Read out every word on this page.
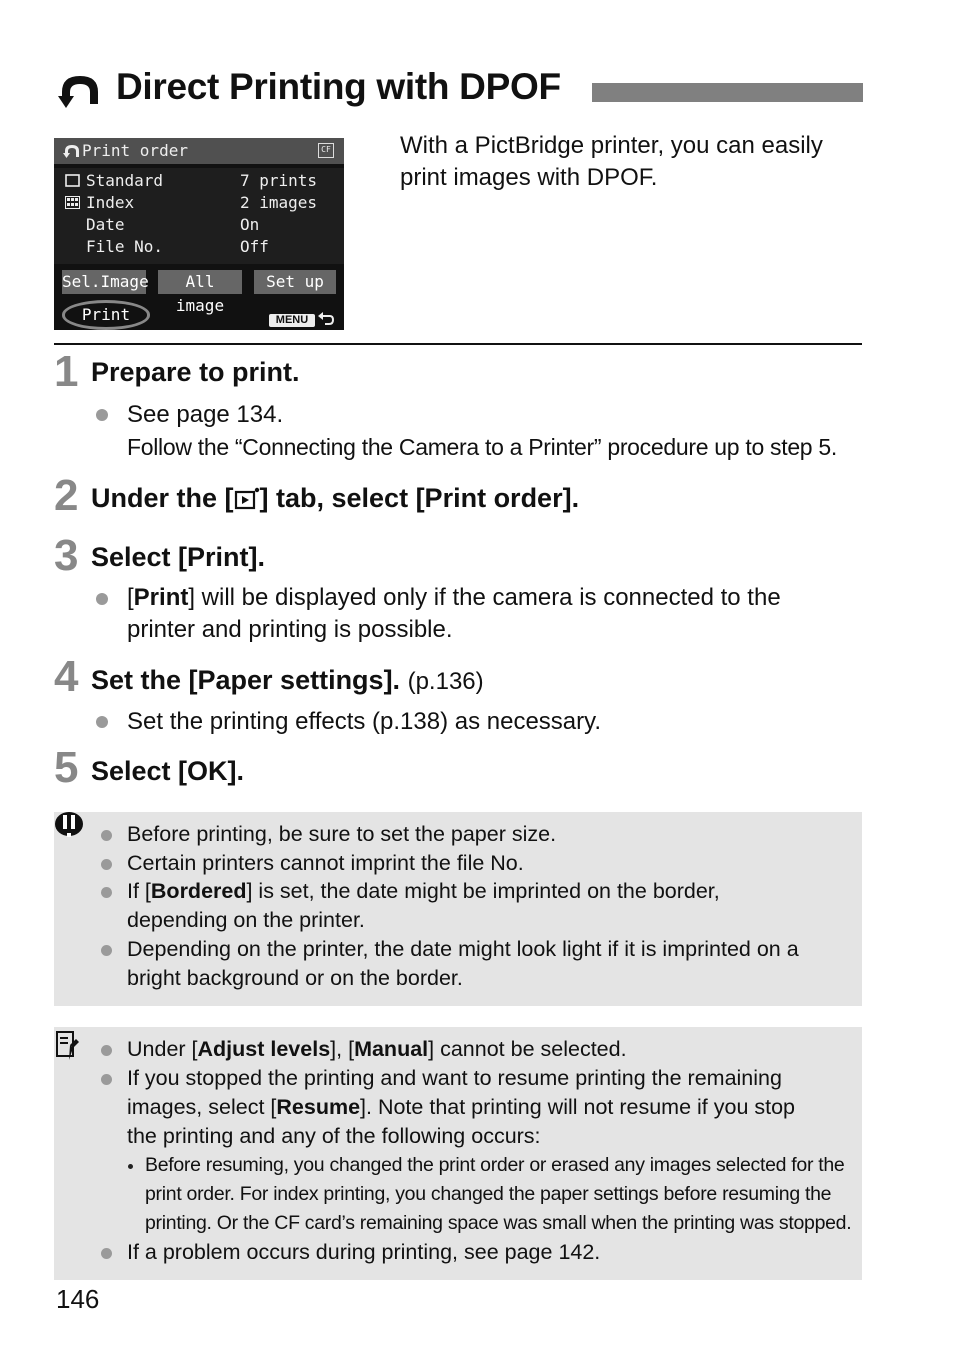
Direct Printing with DPOF
Print order	CF
Standard	7 prints
Index	2 images
Date	On
File No.	Off
Sel.Image	All image
Set up
Print	MENU
With a PictBridge printer, you can easily
print images with DPOF.
1 Prepare to print.
See page 134.
Follow the “Connecting the Camera to a Printer” procedure up to step 5.
2 Under the [ ] tab, select [Print order].
3 Select [Print].
[Print] will be displayed only if the camera is connected to the
printer and printing is possible.
4 Set the [Paper settings]. (p.136)
Set the printing effects (p.138) as necessary.
5 Select [OK].
Before printing, be sure to set the paper size.
Certain printers cannot imprint the file No.
If [Bordered] is set, the date might be imprinted on the border,
depending on the printer.
Depending on the printer, the date might look light if it is imprinted on a
bright background or on the border.
Under [Adjust levels], [Manual] cannot be selected.
If you stopped the printing and want to resume printing the remaining
images, select [Resume]. Note that printing will not resume if you stop
the printing and any of the following occurs:
Before resuming, you changed the print order or erased any images selected for the
print order. For index printing, you changed the paper settings before resuming the
printing. Or the CF card’s remaining space was small when the printing was stopped.
If a problem occurs during printing, see page 142.
146
